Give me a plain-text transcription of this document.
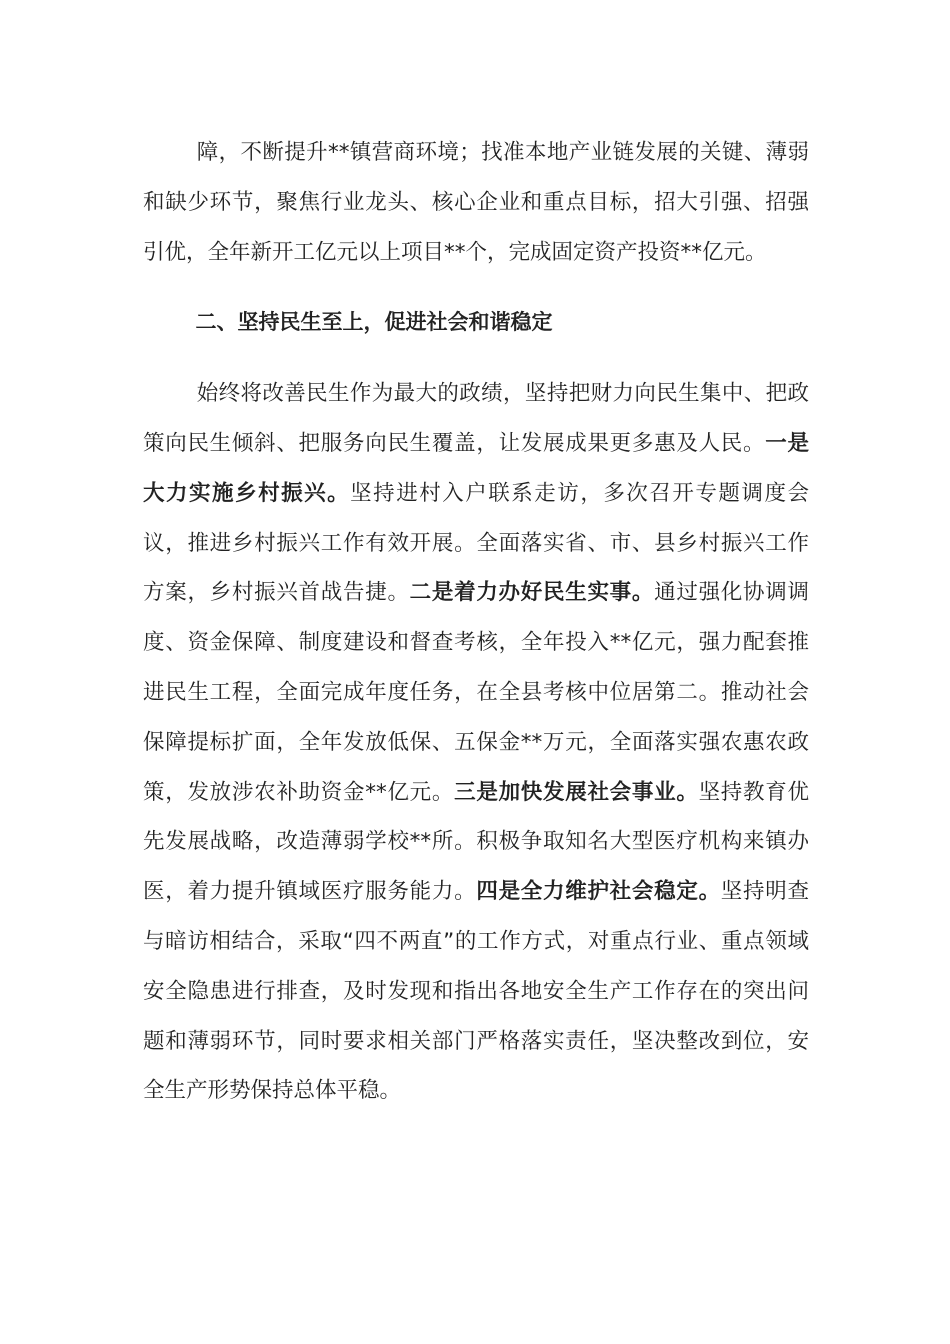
障，不断提升**镇营商环境；找准本地产业链发展的关键、薄弱和缺少环节，聚焦行业龙头、核心企业和重点目标，招大引强、招强引优，全年新开工亿元以上项目**个，完成固定资产投资**亿元。

二、坚持民生至上，促进社会和谐稳定

始终将改善民生作为最大的政绩，坚持把财力向民生集中、把政策向民生倾斜、把服务向民生覆盖，让发展成果更多惠及人民。一是大力实施乡村振兴。坚持进村入户联系走访，多次召开专题调度会议，推进乡村振兴工作有效开展。全面落实省、市、县乡村振兴工作方案，乡村振兴首战告捷。二是着力办好民生实事。通过强化协调调度、资金保障、制度建设和督查考核，全年投入**亿元，强力配套推进民生工程，全面完成年度任务，在全县考核中位居第二。推动社会保障提标扩面，全年发放低保、五保金**万元，全面落实强农惠农政策，发放涉农补助资金**亿元。三是加快发展社会事业。坚持教育优先发展战略，改造薄弱学校**所。积极争取知名大型医疗机构来镇办医，着力提升镇域医疗服务能力。四是全力维护社会稳定。坚持明查与暗访相结合，采取“四不两直”的工作方式，对重点行业、重点领域安全隐患进行排查，及时发现和指出各地安全生产工作存在的突出问题和薄弱环节，同时要求相关部门严格落实责任，坚决整改到位，安全生产形势保持总体平稳。
